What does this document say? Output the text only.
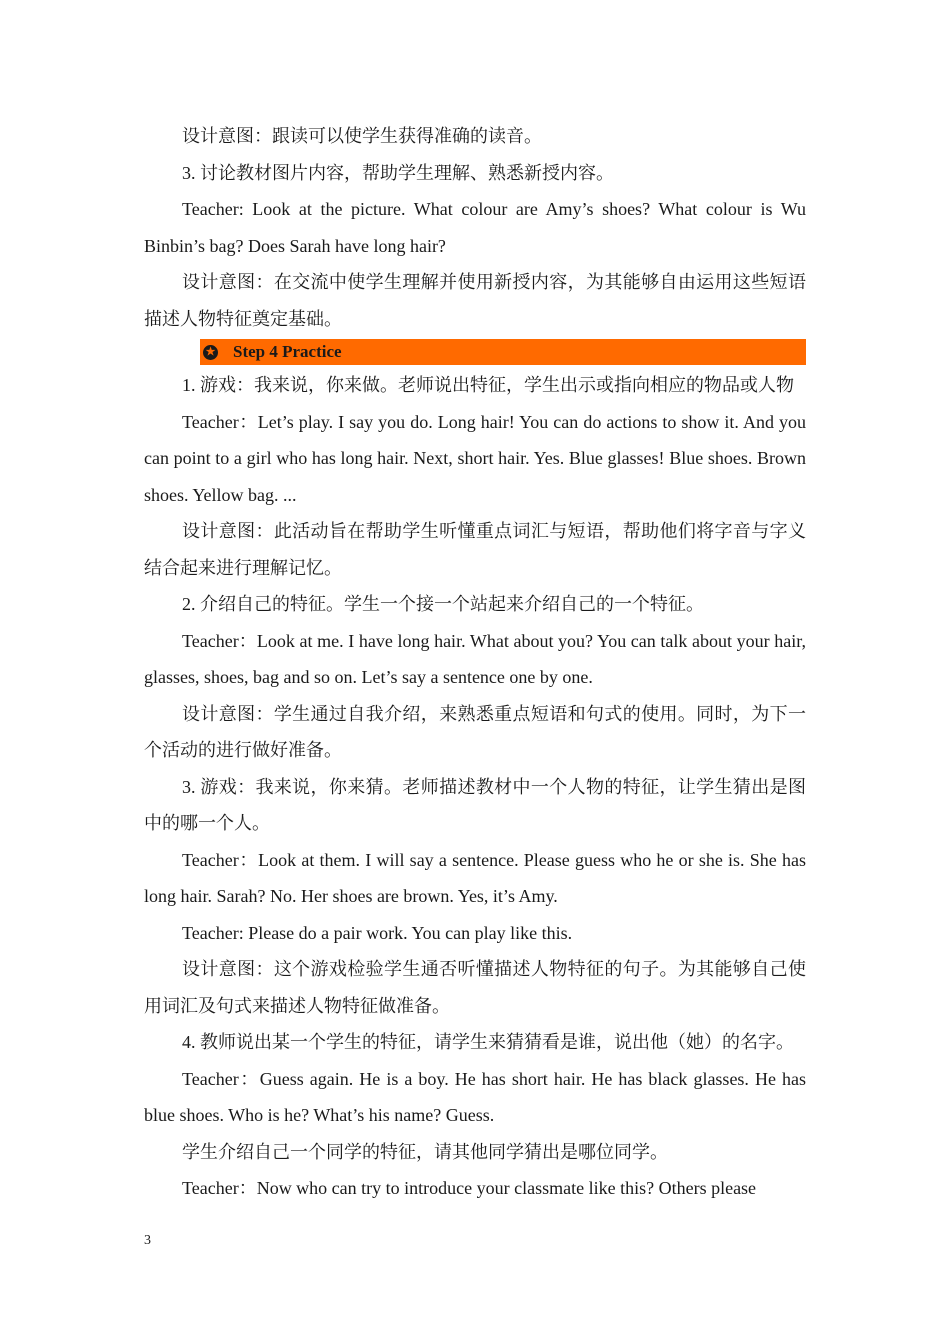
设计意图：跟读可以使学生获得准确的读音。

3. 讨论教材图片内容，帮助学生理解、熟悉新授内容。

Teacher: Look at the picture. What colour are Amy’s shoes? What colour is Wu Binbin’s bag? Does Sarah have long hair?

设计意图：在交流中使学生理解并使用新授内容，为其能够自由运用这些短语描述人物特征奠定基础。

★ Step 4 Practice

1. 游戏：我来说，你来做。老师说出特征，学生出示或指向相应的物品或人物

Teacher：Let’s play. I say you do. Long hair! You can do actions to show it. And you can point to a girl who has long hair. Next, short hair. Yes. Blue glasses! Blue shoes. Brown shoes. Yellow bag. ...

设计意图：此活动旨在帮助学生听懂重点词汇与短语，帮助他们将字音与字义结合起来进行理解记忆。

2. 介绍自己的特征。学生一个接一个站起来介绍自己的一个特征。

Teacher：Look at me. I have long hair. What about you? You can talk about your hair, glasses, shoes, bag and so on. Let’s say a sentence one by one.

设计意图：学生通过自我介绍，来熟悉重点短语和句式的使用。同时，为下一个活动的进行做好准备。

3. 游戏：我来说，你来猜。老师描述教材中一个人物的特征，让学生猜出是图中的哪一个人。

Teacher：Look at them. I will say a sentence. Please guess who he or she is. She has long hair. Sarah? No. Her shoes are brown. Yes, it’s Amy.

Teacher: Please do a pair work. You can play like this.

设计意图：这个游戏检验学生通否听懂描述人物特征的句子。为其能够自己使用词汇及句式来描述人物特征做准备。

4. 教师说出某一个学生的特征，请学生来猜猜看是谁，说出他（她）的名字。

Teacher：Guess again. He is a boy. He has short hair. He has black glasses. He has blue shoes. Who is he? What’s his name? Guess.

学生介绍自己一个同学的特征，请其他同学猜出是哪位同学。

Teacher：Now who can try to introduce your classmate like this? Others please

3
